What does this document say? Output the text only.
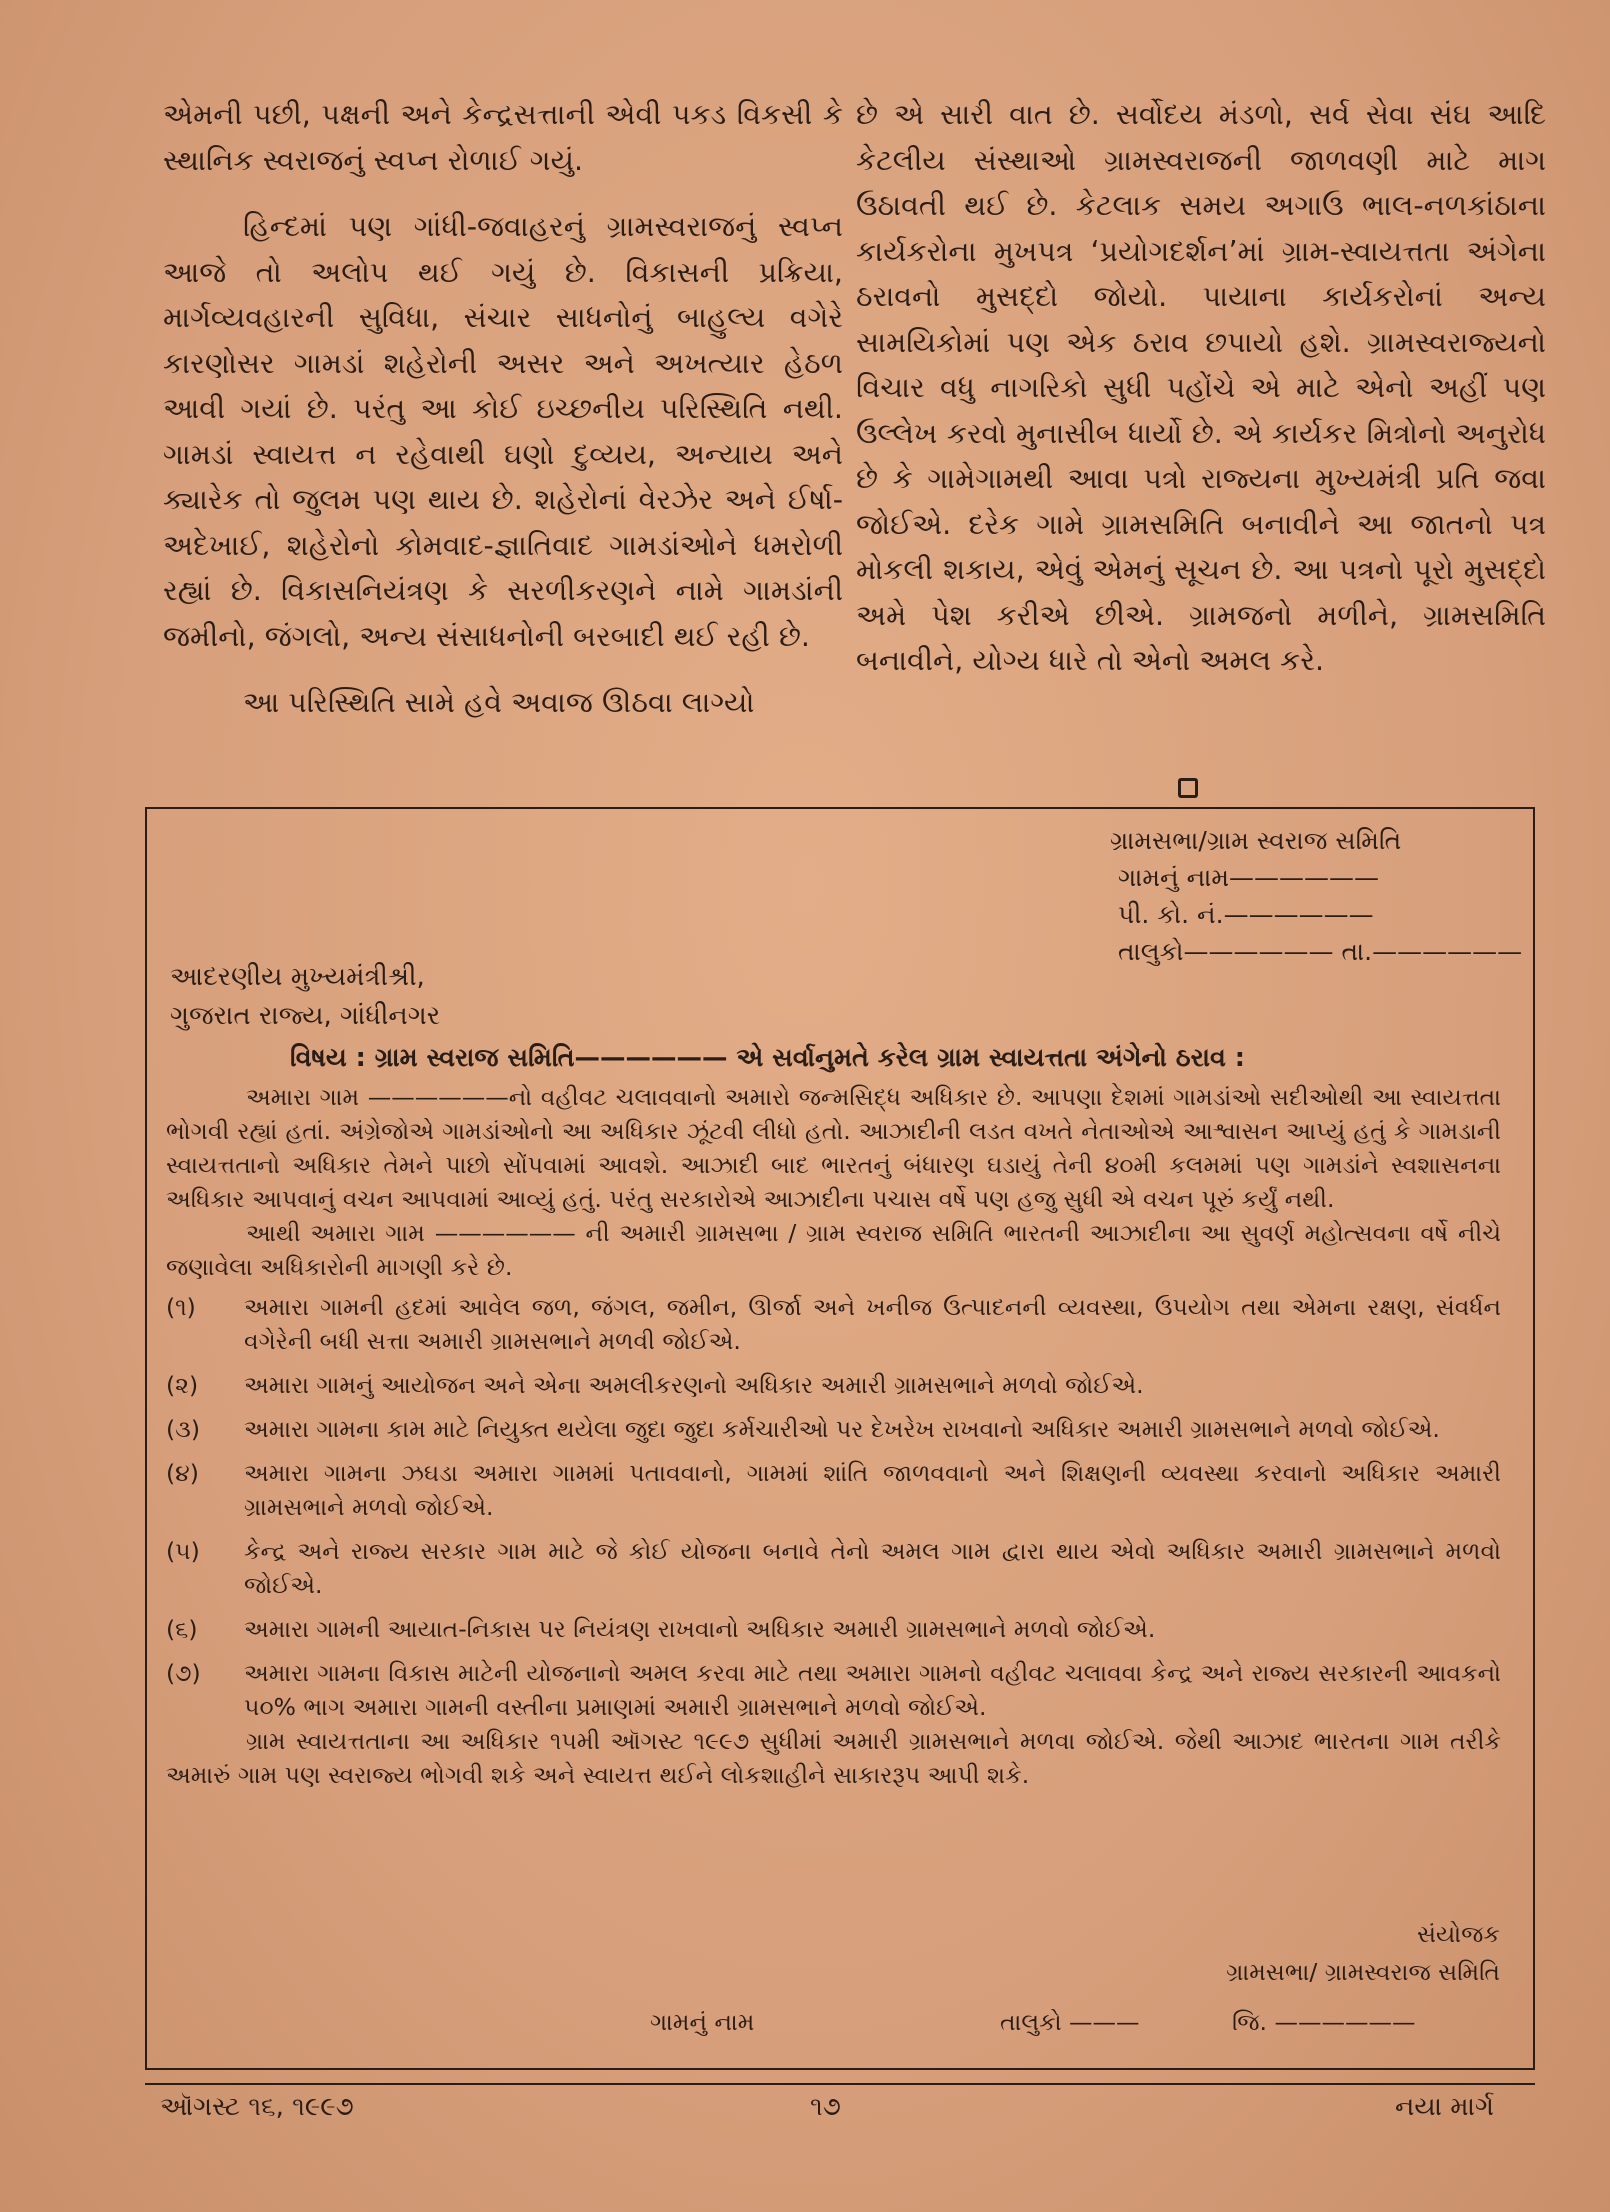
એમની પછી, પક્ષની અને કેન્દ્રસત્તાની એવી પકડ વિકસી કે સ્થાનિક સ્વરાજનું સ્વપ્ન રોળાઈ ગયું.

હિન્દમાં પણ ગાંધી-જવાહરનું ગ્રામસ્વરાજનું સ્વપ્ન આજે તો અલોપ થઈ ગયું છે. વિકાસની પ્રક્રિયા, માર્ગવ્યવહારની સુવિધા, સંચાર સાધનોનું બાહુલ્ય વગેરે કારણોસર ગામડાં શહેરોની અસર અને અખત્યાર હેઠળ આવી ગયાં છે. પરંતુ આ કોઈ ઇચ્છનીય પરિસ્થિતિ નથી. ગામડાં સ્વાયત્ત ન રહેવાથી ઘણો દુવ્યય, અન્યાય અને ક્યારેક તો જુલમ પણ થાય છે. શહેરોનાં વેરઝેર અને ઈર્ષા-અદેખાઈ, શહેરોનો કોમવાદ-જ્ઞાતિવાદ ગામડાંઓને ધમરોળી રહ્યાં છે. વિકાસનિયંત્રણ કે સરળીકરણને નામે ગામડાંની જમીનો, જંગલો, અન્ય સંસાધનોની બરબાદી થઈ રહી છે.

આ પરિસ્થિતિ સામે હવે અવાજ ઊઠવા લાગ્યો

છે એ સારી વાત છે. સર્વોદય મંડળો, સર્વ સેવા સંઘ આદિ કેટલીય સંસ્થાઓ ગ્રામસ્વરાજની જાળવણી માટે માગ ઉઠાવતી થઈ છે. કેટલાક સમય અગાઉ ભાલ-નળકાંઠાના કાર્યકરોના મુખપત્ર ‘પ્રયોગદર્શન’માં ગ્રામ-સ્વાયત્તતા અંગેના ઠરાવનો મુસદ્દો જોયો. પાયાના કાર્યકરોનાં અન્ય સામયિકોમાં પણ એક ઠરાવ છપાયો હશે. ગ્રામસ્વરાજ્યનો વિચાર વધુ નાગરિકો સુધી પહોંચે એ માટે એનો અહીં પણ ઉલ્લેખ કરવો મુનાસીબ ધાર્યો છે. એ કાર્યકર મિત્રોનો અનુરોધ છે કે ગામેગામથી આવા પત્રો રાજ્યના મુખ્યમંત્રી પ્રતિ જવા જોઈએ. દરેક ગામે ગ્રામસમિતિ બનાવીને આ જાતનો પત્ર મોકલી શકાય, એવું એમનું સૂચન છે. આ પત્રનો પૂરો મુસદ્દો અમે પેશ કરીએ છીએ. ગ્રામજનો મળીને, ગ્રામસમિતિ બનાવીને, યોગ્ય ધારે તો એનો અમલ કરે.

ગ્રામસભા/ગ્રામ સ્વરાજ સમિતિ
ગામનું નામ——————
પી. કો. નં.——————
તાલુકો—————— તા.——————
આદરણીય મુખ્યમંત્રીશ્રી,
ગુજરાત રાજ્ય, ગાંધીનગર
વિષય : ગ્રામ સ્વરાજ સમિતિ—————— એ સર્વાનુમતે કરેલ ગ્રામ સ્વાયત્તતા અંગેનો ઠરાવ :

અમારા ગામ ——————નો વહીવટ ચલાવવાનો અમારો જન્મસિદ્ધ અધિકાર છે. આપણા દેશમાં ગામડાંઓ સદીઓથી આ સ્વાયત્તતા ભોગવી રહ્યાં હતાં. અંગ્રેજોએ ગામડાંઓનો આ અધિકાર ઝૂંટવી લીધો હતો. આઝાદીની લડત વખતે નેતાઓએ આશ્વાસન આપ્યું હતું કે ગામડાની સ્વાયત્તતાનો અધિકાર તેમને પાછો સોંપવામાં આવશે. આઝાદી બાદ ભારતનું બંધારણ ઘડાયું તેની ૪૦મી કલમમાં પણ ગામડાંને સ્વશાસનના અધિકાર આપવાનું વચન આપવામાં આવ્યું હતું. પરંતુ સરકારોએ આઝાદીના પચાસ વર્ષે પણ હજુ સુધી એ વચન પૂરું કર્યું નથી.

આથી અમારા ગામ —————— ની અમારી ગ્રામસભા / ગ્રામ સ્વરાજ સમિતિ ભારતની આઝાદીના આ સુવર્ણ મહોત્સવના વર્ષે નીચે જણાવેલા અધિકારોની માગણી કરે છે.

(૧)	અમારા ગામની હદમાં આવેલ જળ, જંગલ, જમીન, ઊર્જા અને ખનીજ ઉત્પાદનની વ્યવસ્થા, ઉપયોગ તથા એમના રક્ષણ, સંવર્ધન વગેરેની બધી સત્તા અમારી ગ્રામસભાને મળવી જોઈએ.
(૨)	અમારા ગામનું આયોજન અને એના અમલીકરણનો અધિકાર અમારી ગ્રામસભાને મળવો જોઈએ.
(૩)	અમારા ગામના કામ માટે નિયુક્ત થયેલા જુદા જુદા કર્મચારીઓ પર દેખરેખ રાખવાનો અધિકાર અમારી ગ્રામસભાને મળવો જોઈએ.
(૪)	અમારા ગામના ઝઘડા અમારા ગામમાં પતાવવાનો, ગામમાં શાંતિ જાળવવાનો અને શિક્ષણની વ્યવસ્થા કરવાનો અધિકાર અમારી ગ્રામસભાને મળવો જોઈએ.
(૫)	કેન્દ્ર અને રાજ્ય સરકાર ગામ માટે જે કોઈ યોજના બનાવે તેનો અમલ ગામ દ્વારા થાય એવો અધિકાર અમારી ગ્રામસભાને મળવો જોઈએ.
(૬)	અમારા ગામની આયાત-નિકાસ પર નિયંત્રણ રાખવાનો અધિકાર અમારી ગ્રામસભાને મળવો જોઈએ.
(૭)	અમારા ગામના વિકાસ માટેની યોજનાનો અમલ કરવા માટે તથા અમારા ગામનો વહીવટ ચલાવવા કેન્દ્ર અને રાજ્ય સરકારની આવકનો ૫૦% ભાગ અમારા ગામની વસ્તીના પ્રમાણમાં અમારી ગ્રામસભાને મળવો જોઈએ.

ગ્રામ સ્વાયત્તતાના આ અધિકાર ૧૫મી ઑગસ્ટ ૧૯૯૭ સુધીમાં અમારી ગ્રામસભાને મળવા જોઈએ. જેથી આઝાદ ભારતના ગામ તરીકે અમારું ગામ પણ સ્વરાજ્ય ભોગવી શકે અને સ્વાયત્ત થઈને લોકશાહીને સાકારરૂપ આપી શકે.

સંયોજક
ગ્રામસભા/ ગ્રામસ્વરાજ સમિતિ
ગામનું નામ	તાલુકો ———	જિ. ——————
ઑગસ્ટ ૧૬, ૧૯૯૭	૧૭	નયા માર્ગ
